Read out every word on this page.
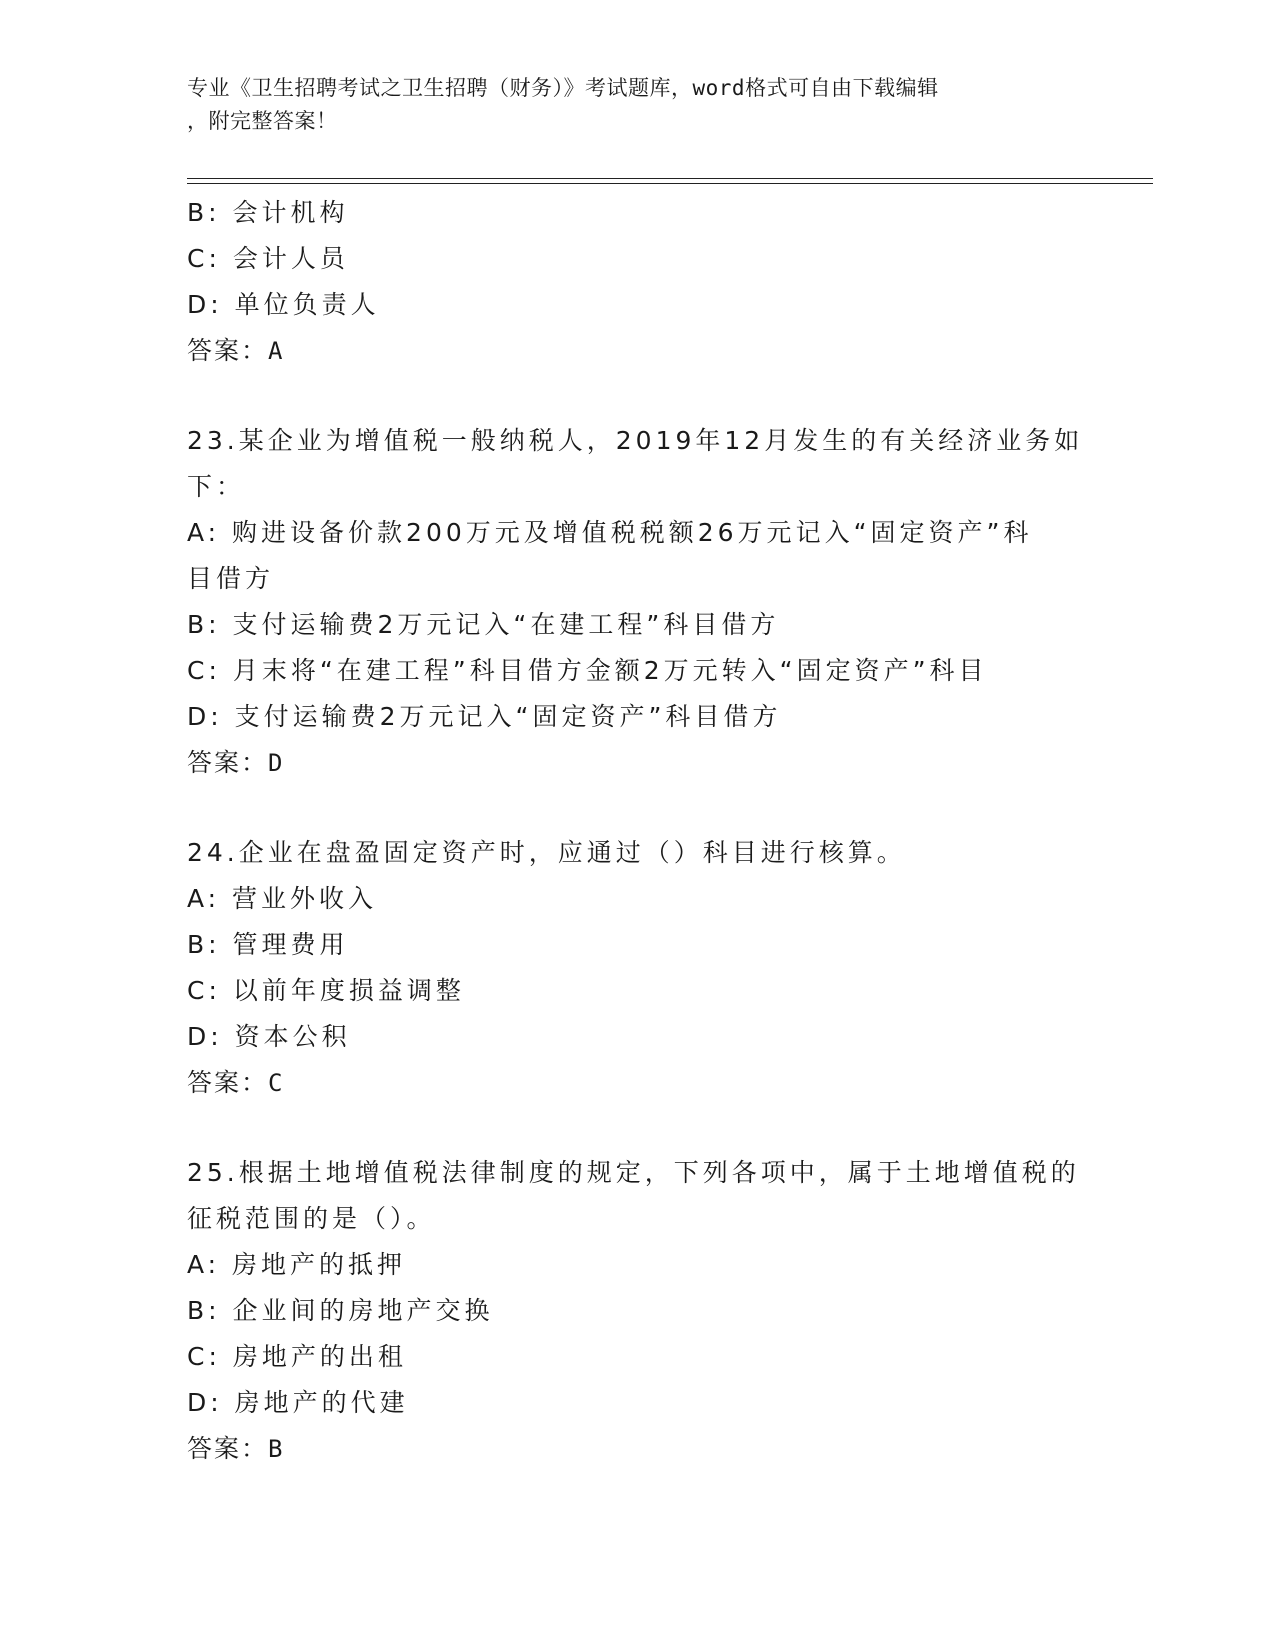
专业《卫生招聘考试之卫生招聘（财务）》考试题库，word格式可自由下载编辑
，附完整答案！
B: 会计机构
C: 会计人员
D: 单位负责人
答案：A
23.某企业为增值税一般纳税人，2019年12月发生的有关经济业务如
下：
A: 购进设备价款200万元及增值税税额26万元记入“固定资产”科
目借方
B: 支付运输费2万元记入“在建工程”科目借方
C: 月末将“在建工程”科目借方金额2万元转入“固定资产”科目
D: 支付运输费2万元记入“固定资产”科目借方
答案：D
24.企业在盘盈固定资产时，应通过（）科目进行核算。
A: 营业外收入
B: 管理费用
C: 以前年度损益调整
D: 资本公积
答案：C
25.根据土地增值税法律制度的规定，下列各项中，属于土地增值税的
征税范围的是（）。
A: 房地产的抵押
B: 企业间的房地产交换
C: 房地产的出租
D: 房地产的代建
答案：B
